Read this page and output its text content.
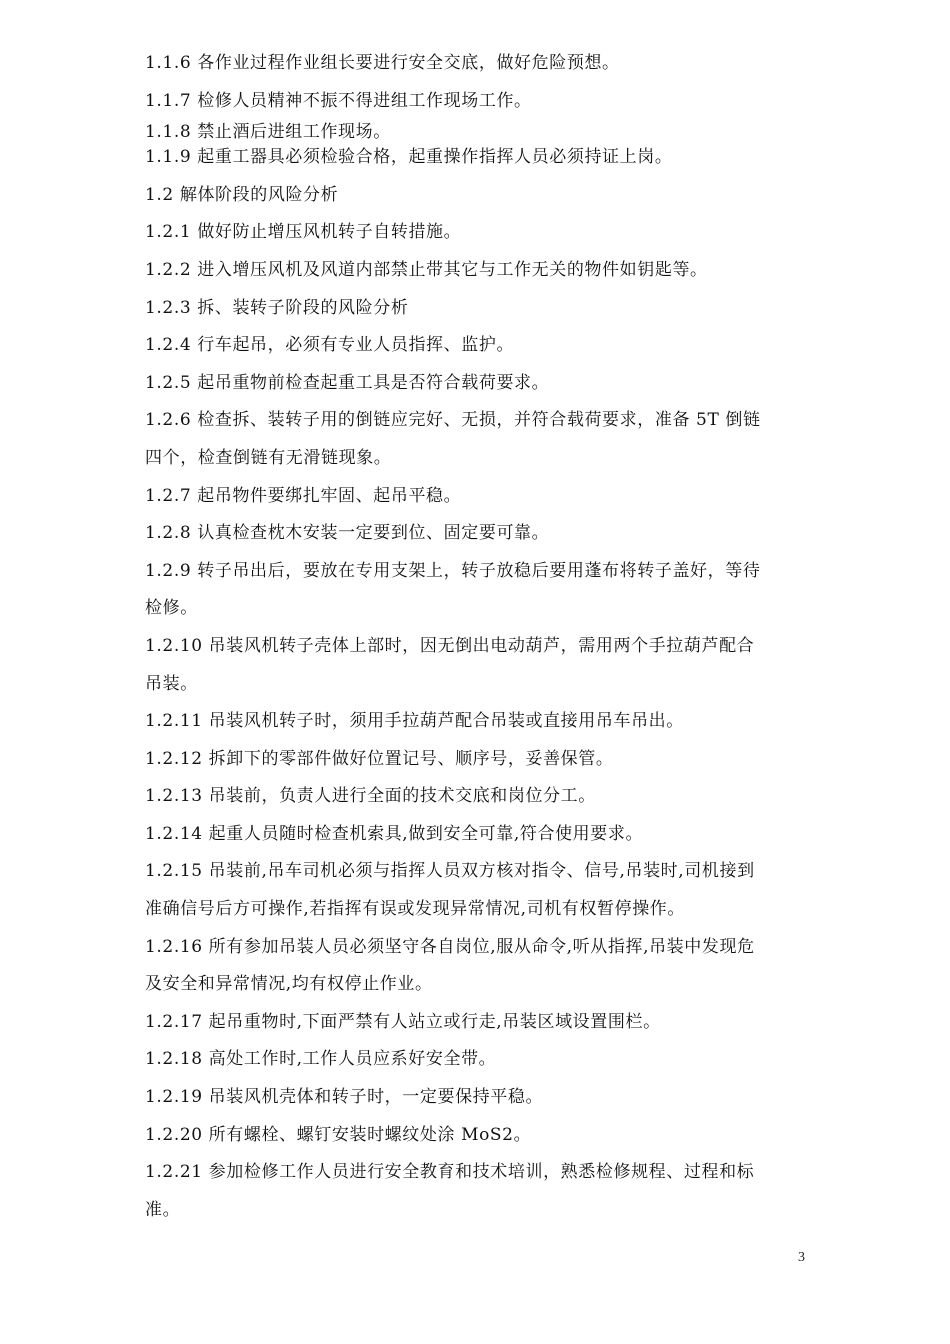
1.1.6 各作业过程作业组长要进行安全交底，做好危险预想。
1.1.7 检修人员精神不振不得进组工作现场工作。
1.1.8 禁止酒后进组工作现场。
1.1.9 起重工器具必须检验合格，起重操作指挥人员必须持证上岗。
1.2 解体阶段的风险分析
1.2.1 做好防止增压风机转子自转措施。
1.2.2 进入增压风机及风道内部禁止带其它与工作无关的物件如钥匙等。
1.2.3 拆、装转子阶段的风险分析
1.2.4 行车起吊，必须有专业人员指挥、监护。
1.2.5 起吊重物前检查起重工具是否符合载荷要求。
1.2.6 检查拆、装转子用的倒链应完好、无损，并符合载荷要求，准备 5T 倒链
四个，检查倒链有无滑链现象。
1.2.7 起吊物件要绑扎牢固、起吊平稳。
1.2.8 认真检查枕木安装一定要到位、固定要可靠。
1.2.9 转子吊出后，要放在专用支架上，转子放稳后要用蓬布将转子盖好，等待
检修。
1.2.10 吊装风机转子壳体上部时，因无倒出电动葫芦，需用两个手拉葫芦配合
吊装。
1.2.11 吊装风机转子时，须用手拉葫芦配合吊装或直接用吊车吊出。
1.2.12 拆卸下的零部件做好位置记号、顺序号，妥善保管。
1.2.13 吊装前，负责人进行全面的技术交底和岗位分工。
1.2.14 起重人员随时检查机索具,做到安全可靠,符合使用要求。
1.2.15 吊装前,吊车司机必须与指挥人员双方核对指令、信号,吊装时,司机接到
准确信号后方可操作,若指挥有误或发现异常情况,司机有权暂停操作。
1.2.16 所有参加吊装人员必须坚守各自岗位,服从命令,听从指挥,吊装中发现危
及安全和异常情况,均有权停止作业。
1.2.17 起吊重物时,下面严禁有人站立或行走,吊装区域设置围栏。
1.2.18 高处工作时,工作人员应系好安全带。
1.2.19 吊装风机壳体和转子时，一定要保持平稳。
1.2.20 所有螺栓、螺钉安装时螺纹处涂 MoS2。
1.2.21 参加检修工作人员进行安全教育和技术培训，熟悉检修规程、过程和标
准。
3
